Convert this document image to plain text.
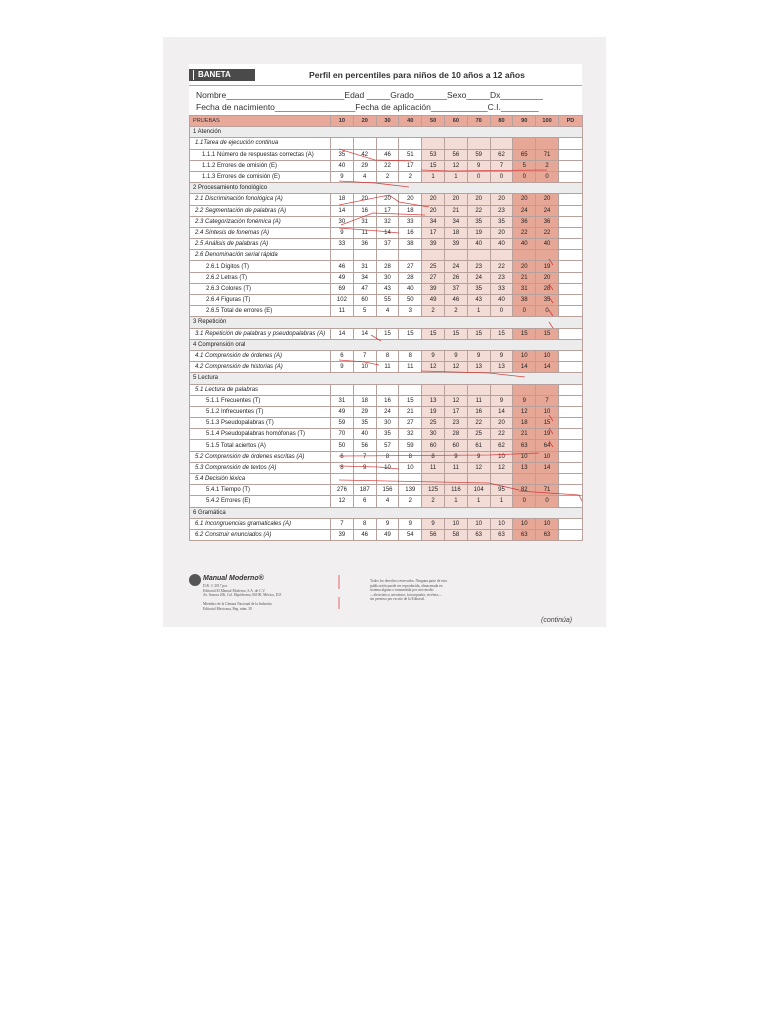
BANETA	Perfil en percentiles para niños de 10 años a 12 años
Nombre_________________________Edad _____Grado_______Sexo_____Dx_________
Fecha de nacimiento_________________Fecha de aplicación____________C.I.________
PRUEBAS	10	20	30	40	50	60	70	80	90	100	PD
1 Atención											
1.1Tarea de ejecución continua											
1.1.1 Número de respuestas correctas (A)	35	42	46	51	53	56	59	62	65	71	
1.1.2 Errores de omisión (E)	40	29	22	17	15	12	9	7	5	2	
1.1.3 Errores de comisión (E)	9	4	2	2	1	1	0	0	0	0	
2 Procesamiento fonológico											
2.1 Discriminación fonológica (A)	18	20	20	20	20	20	20	20	20	20	
2.2 Segmentación de palabras (A)	14	16	17	18	20	21	22	23	24	24	
2.3 Categorización fonémica (A)	30	31	32	33	34	34	35	35	36	36	
2.4 Síntesis de fonemas (A)	9	11	14	16	17	18	19	20	22	22	
2.5 Análisis de palabras (A)	33	36	37	38	39	39	40	40	40	40	
2.6 Denominación serial rápida											
2.6.1 Dígitos (T)	46	31	28	27	25	24	23	22	20	19	
2.6.2 Letras (T)	49	34	30	28	27	26	24	23	21	20	
2.6.3 Colores (T)	69	47	43	40	39	37	35	33	31	28	
2.6.4 Figuras (T)	102	60	55	50	49	46	43	40	38	35	
2.6.5 Total de errores (E)	11	5	4	3	2	2	1	0	0	0	
3 Repetición											
3.1 Repetición de palabras y pseudopalabras (A)	14	14	15	15	15	15	15	15	15	15	
4 Comprensión oral											
4.1 Comprensión de órdenes (A)	6	7	8	8	9	9	9	9	10	10	
4.2 Comprensión de historias (A)	9	10	11	11	12	12	13	13	14	14	
5 Lectura											
5.1 Lectura de palabras											
5.1.1 Frecuentes (T)	31	18	16	15	13	12	11	9	9	7	
5.1.2 Infrecuentes (T)	49	29	24	21	19	17	16	14	12	10	
5.1.3 Pseudopalabras (T)	59	35	30	27	25	23	22	20	18	15	
5.1.4 Pseudopalabras homófonas (T)	70	40	35	32	30	28	25	22	21	19	
5.1.5 Total aciertos (A)	50	56	57	59	60	60	61	62	63	64	
5.2 Comprensión de órdenes escritas (A)	6	7	8	8	8	9	9	10	10	10	
5.3 Comprensión de textos (A)	8	9	10	10	11	11	12	12	13	14	
5.4 Decisión léxica											
5.4.1 Tiempo (T)	276	187	156	139	125	116	104	95	82	71	
5.4.2 Errores (E)	12	6	4	2	2	1	1	1	0	0	
6 Gramática											
6.1 Incongruencias gramaticales (A)	7	8	9	9	9	10	10	10	10	10	
6.2 Construir enunciados (A)	39	46	49	54	56	58	63	63	63	63	
Manual Moderno®
D.R. © 2017 por
Editorial El Manual Moderno, S.A. de C.V.
Av. Sonora 206, Col. Hipódromo, 06100, México, D.F.
Miembro de la Cámara Nacional de la Industria
Editorial Mexicana, Reg. núm. 39
Todos los derechos reservados. Ninguna parte de esta
publicación puede ser reproducida, almacenada en
sistema alguno o transmitida por otro medio
—electrónico, mecánico, fotocopiador, etcétera—
sin permiso por escrito de la Editorial.
(continúa)
